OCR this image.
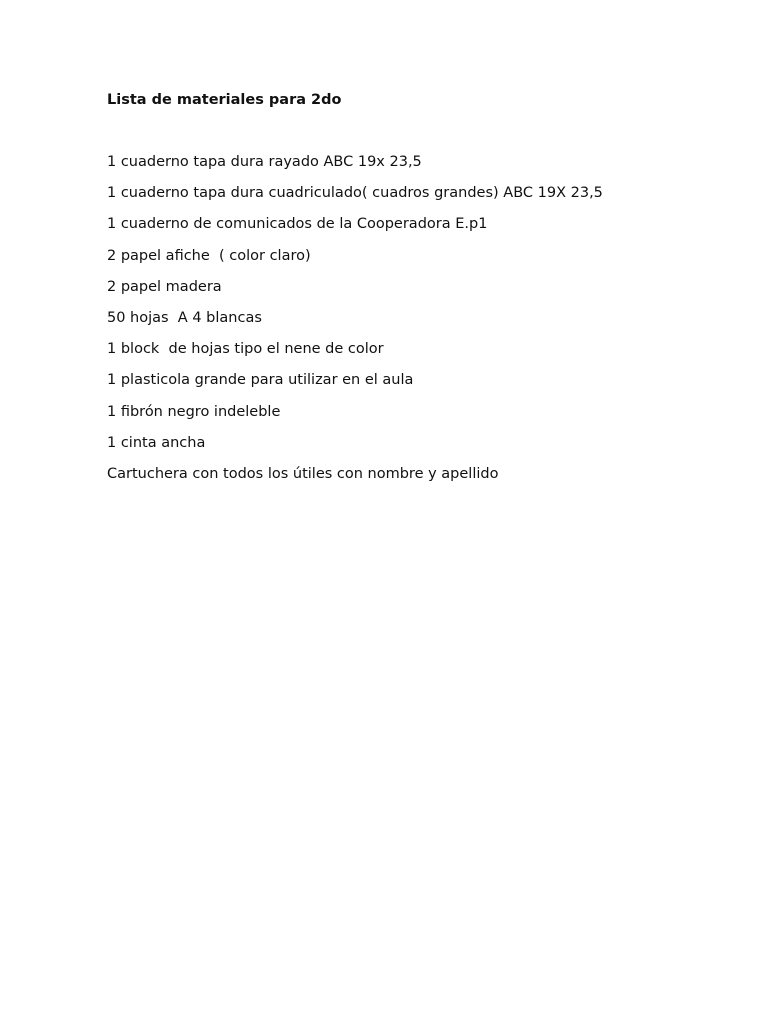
Lista de materiales para 2do
1 cuaderno tapa dura rayado ABC 19x 23,5
1 cuaderno tapa dura cuadriculado( cuadros grandes) ABC 19X 23,5
1 cuaderno de comunicados de la Cooperadora E.p1
2 papel afiche  ( color claro)
2 papel madera
50 hojas  A 4 blancas
1 block  de hojas tipo el nene de color
1 plasticola grande para utilizar en el aula
1 fibrón negro indeleble
1 cinta ancha
Cartuchera con todos los útiles con nombre y apellido
